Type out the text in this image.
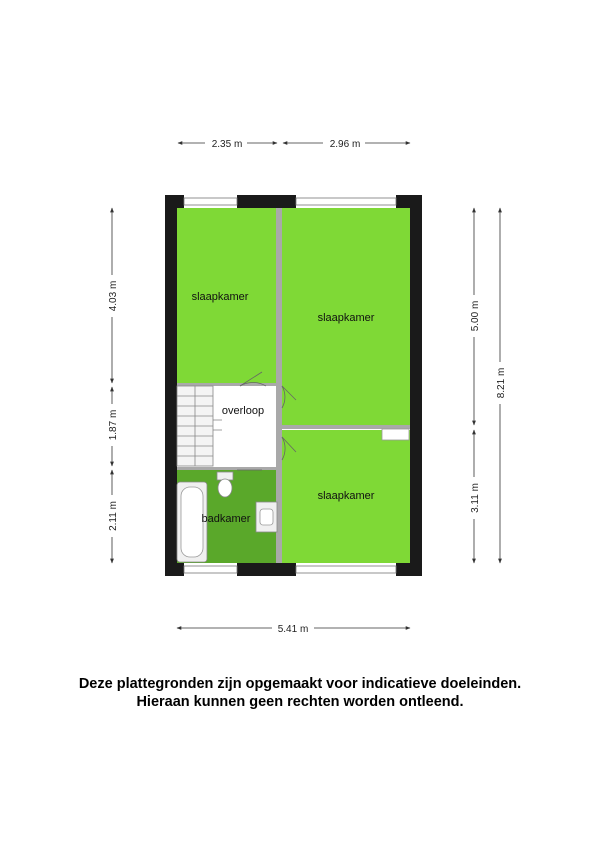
slaapkamer
slaapkamer
slaapkamer
overloop
badkamer
2.35 m	2.96 m
4.03 m
1.87 m
2.11 m
5.00 m
3.11 m
8.21 m
5.41 m
Deze plattegronden zijn opgemaakt voor indicatieve doeleinden.
Hieraan kunnen geen rechten worden ontleend.
